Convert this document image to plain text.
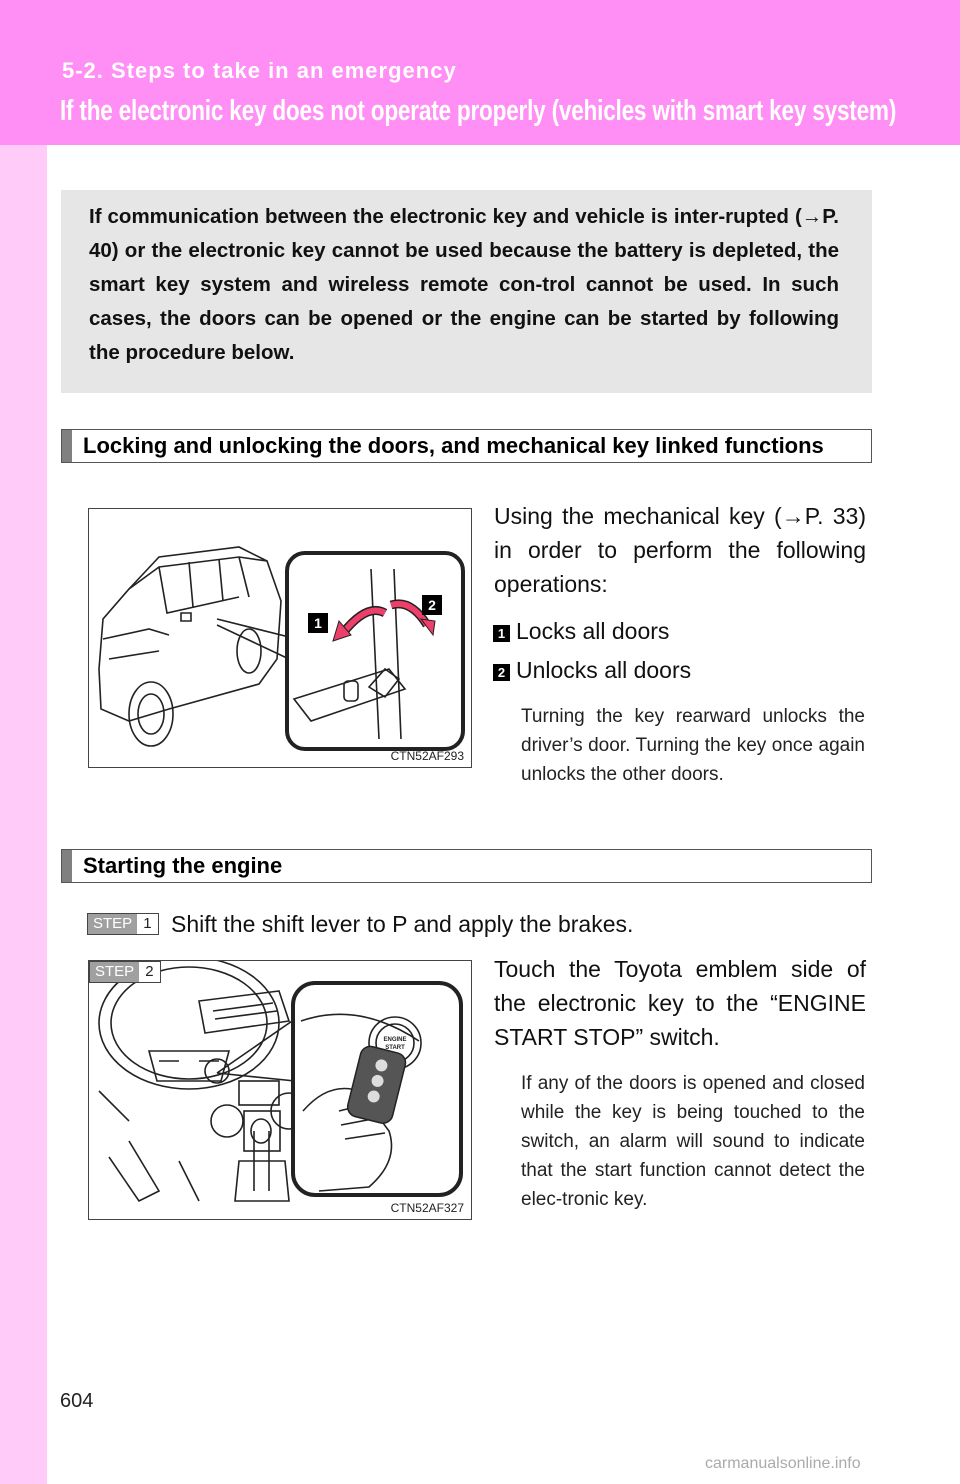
5-2. Steps to take in an emergency
If the electronic key does not operate properly (vehicles with smart key system)
If communication between the electronic key and vehicle is inter-rupted (→P. 40) or the electronic key cannot be used because the battery is depleted, the smart key system and wireless remote con-trol cannot be used. In such cases, the doors can be opened or the engine can be started by following the procedure below.
Locking and unlocking the doors, and mechanical key linked functions
1
2
CTN52AF293
Using the mechanical key (→P. 33) in order to perform the following operations:
1 Locks all doors
2 Unlocks all doors
Turning the key rearward unlocks the driver’s door. Turning the key once again unlocks the other doors.
Starting the engine
STEP 1 Shift the shift lever to P and apply the brakes.
ENGINE
START
STEP 2
CTN52AF327
Touch the Toyota emblem side of the electronic key to the “ENGINE START STOP” switch.
If any of the doors is opened and closed while the key is being touched to the switch, an alarm will sound to indicate that the start function cannot detect the elec-tronic key.
604
carmanualsonline.info
